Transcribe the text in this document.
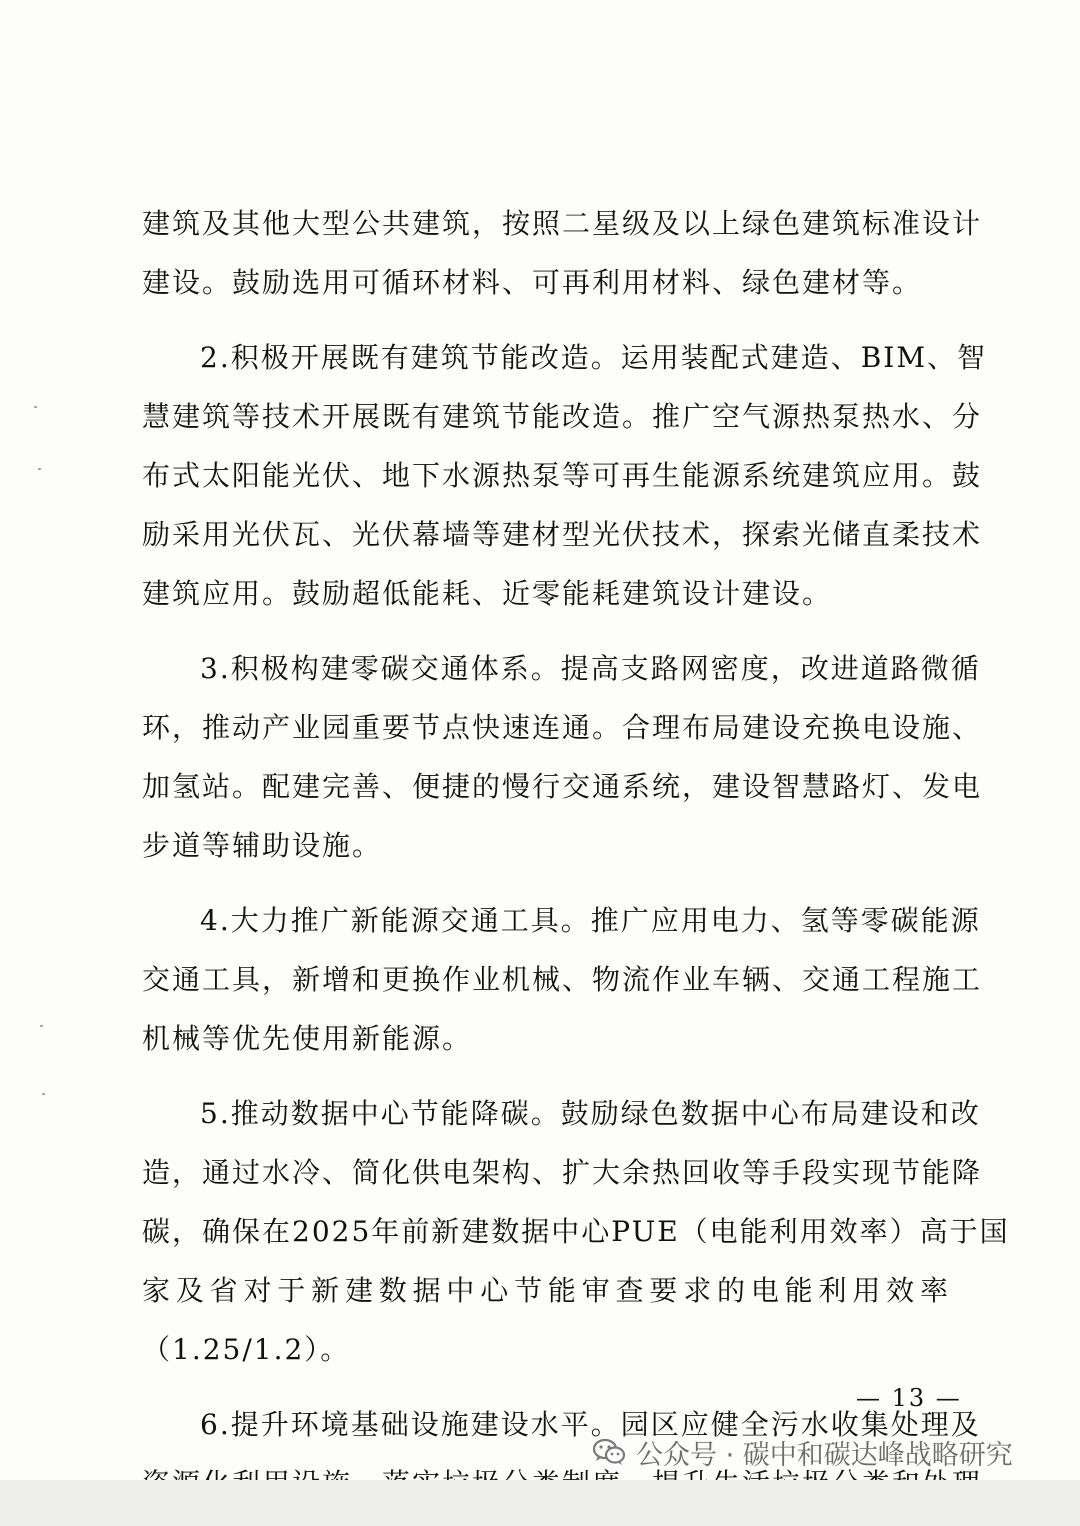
建筑及其他大型公共建筑，按照二星级及以上绿色建筑标准设计
建设。鼓励选用可循环材料、可再利用材料、绿色建材等。
2.积极开展既有建筑节能改造。运用装配式建造、BIM、智
慧建筑等技术开展既有建筑节能改造。推广空气源热泵热水、分
布式太阳能光伏、地下水源热泵等可再生能源系统建筑应用。鼓
励采用光伏瓦、光伏幕墙等建材型光伏技术，探索光储直柔技术
建筑应用。鼓励超低能耗、近零能耗建筑设计建设。
3.积极构建零碳交通体系。提高支路网密度，改进道路微循
环，推动产业园重要节点快速连通。合理布局建设充换电设施、
加氢站。配建完善、便捷的慢行交通系统，建设智慧路灯、发电
步道等辅助设施。
4.大力推广新能源交通工具。推广应用电力、氢等零碳能源
交通工具，新增和更换作业机械、物流作业车辆、交通工程施工
机械等优先使用新能源。
5.推动数据中心节能降碳。鼓励绿色数据中心布局建设和改
造，通过水冷、简化供电架构、扩大余热回收等手段实现节能降
碳，确保在2025年前新建数据中心PUE（电能利用效率）高于国
家及省对于新建数据中心节能审查要求的电能利用效率
（1.25/1.2）。
6.提升环境基础设施建设水平。园区应健全污水收集处理及
— 13 —
公众号 · 碳中和碳达峰战略研究
